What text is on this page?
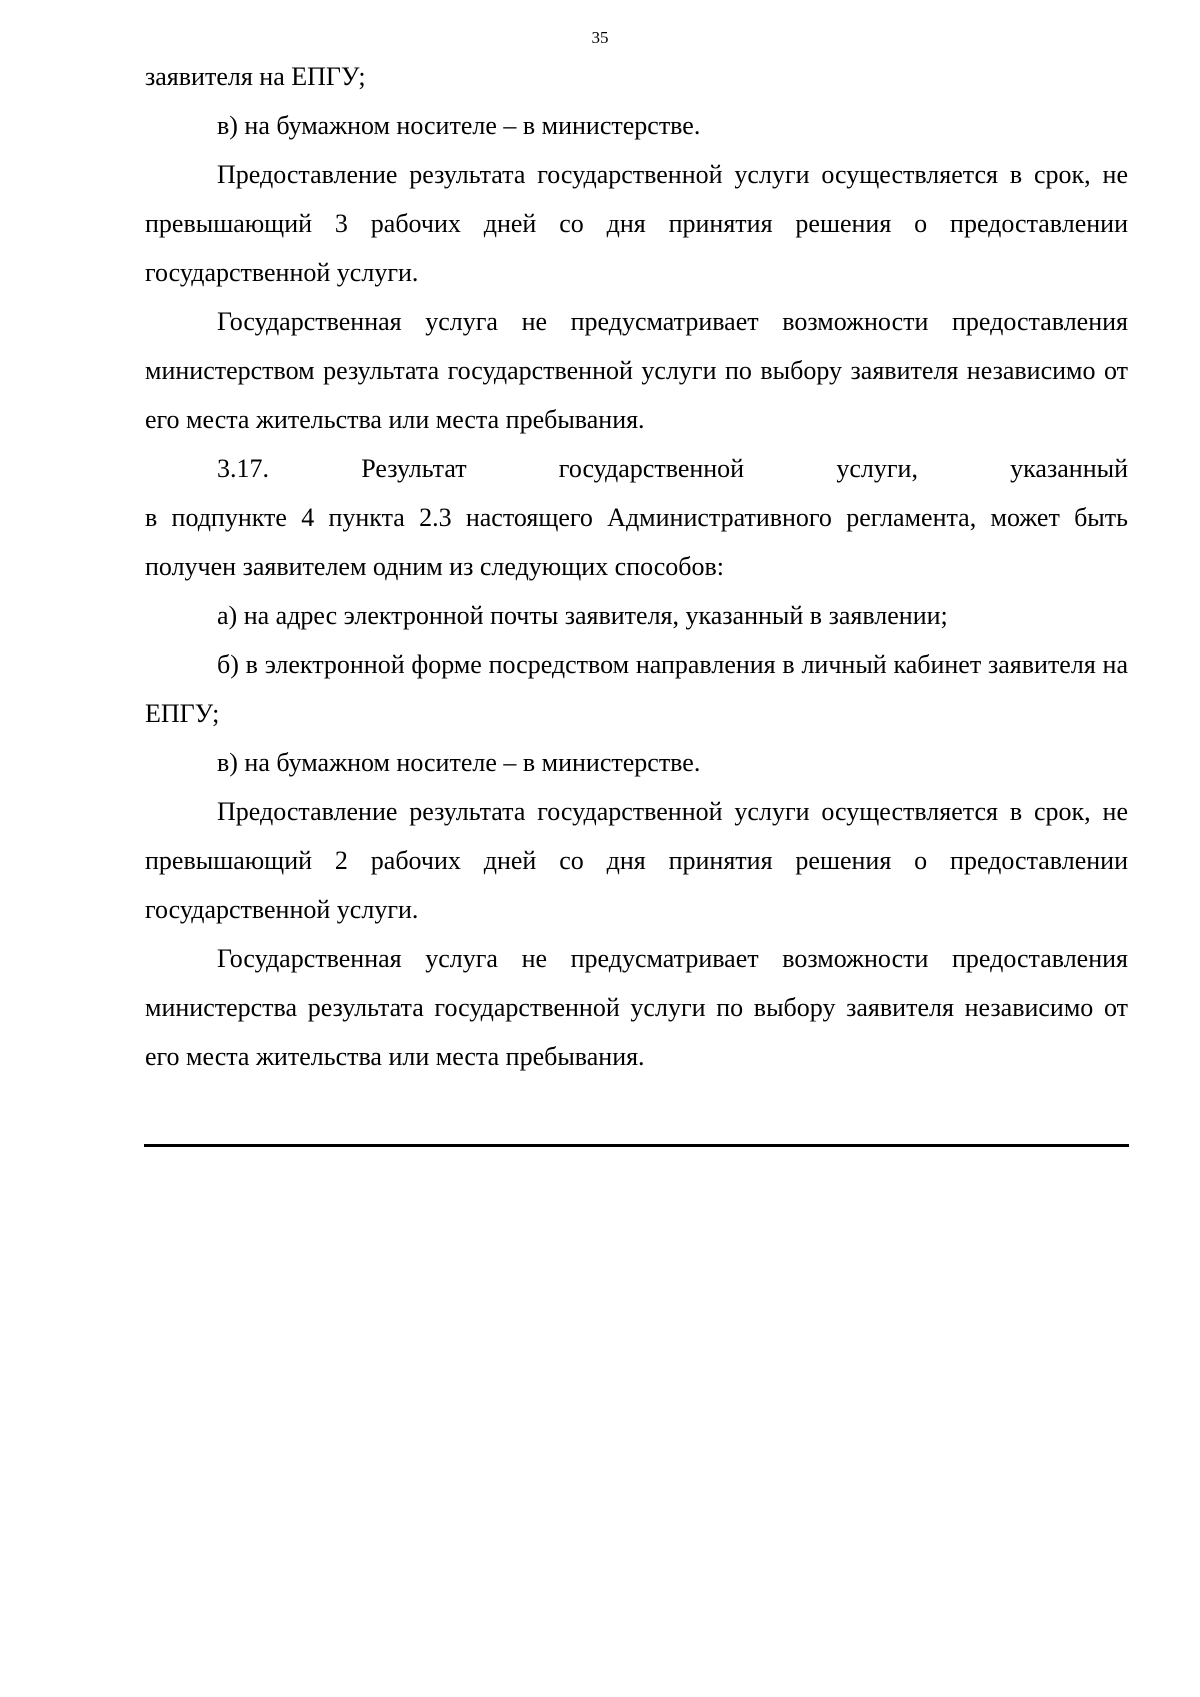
35

заявителя на ЕПГУ;

в) на бумажном носителе – в министерстве.

Предоставление результата государственной услуги осуществляется в срок, не превышающий 3 рабочих дней со дня принятия решения о предоставлении государственной услуги.

Государственная услуга не предусматривает возможности предоставления министерством результата государственной услуги по выбору заявителя независимо от его места жительства или места пребывания.

3.17. Результат государственной услуги, указанный

в подпункте 4 пункта 2.3 настоящего Административного регламента, может быть получен заявителем одним из следующих способов:

а) на адрес электронной почты заявителя, указанный в заявлении;

б) в электронной форме посредством направления в личный кабинет заявителя на ЕПГУ;

в) на бумажном носителе – в министерстве.

Предоставление результата государственной услуги осуществляется в срок, не превышающий 2 рабочих дней со дня принятия решения о предоставлении государственной услуги.

Государственная услуга не предусматривает возможности предоставления министерства результата государственной услуги по выбору заявителя независимо от его места жительства или места пребывания.
